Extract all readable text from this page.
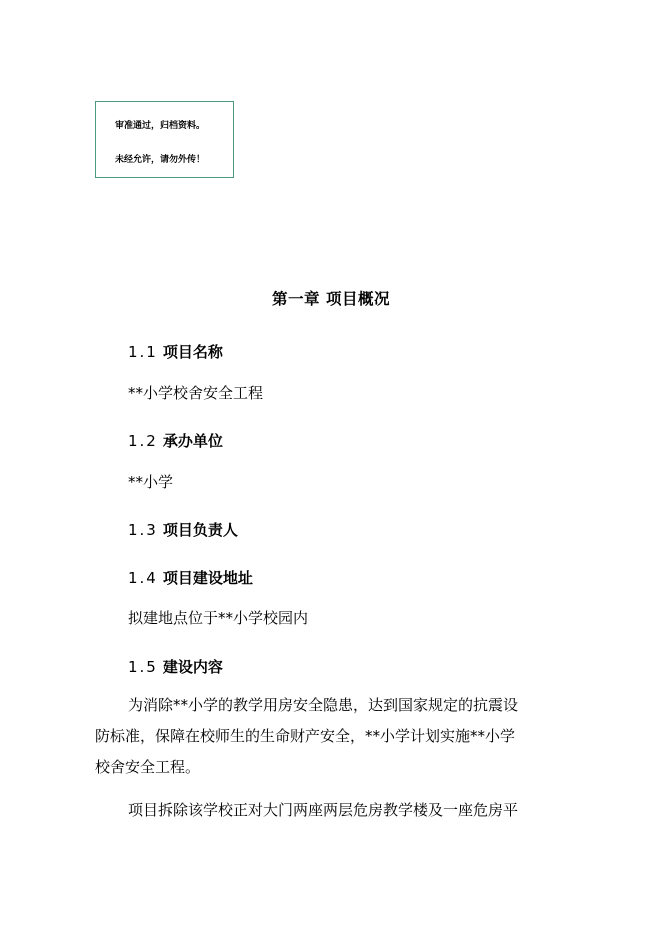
审准通过，归档资料。
未经允许，请勿外传！
第一章 项目概况
1.1 项目名称
**小学校舍安全工程
1.2 承办单位
**小学
1.3 项目负责人
1.4 项目建设地址
拟建地点位于**小学校园内
1.5 建设内容
为消除**小学的教学用房安全隐患，达到国家规定的抗震设
防标准，保障在校师生的生命财产安全，**小学计划实施**小学
校舍安全工程。
项目拆除该学校正对大门两座两层危房教学楼及一座危房平
